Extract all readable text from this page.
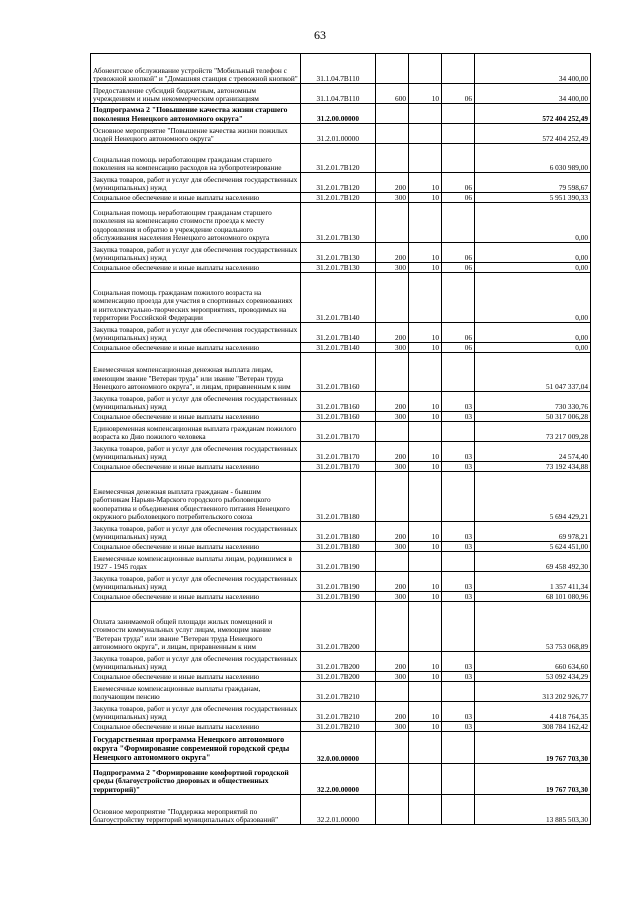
63
Абонентское обслуживание устройств "Мобильный телефон с тревожной кнопкой" и "Домашняя станция с тревожной кнопкой"	31.1.04.7B110				34 400,00
Предоставление субсидий бюджетным, автономным учреждениям и иным некоммерческим организациям	31.1.04.7B110	600	10	06	34 400,00
Подпрограмма 2 "Повышение качества жизни старшего поколения Ненецкого автономного округа"	31.2.00.00000				572 404 252,49
Основное мероприятие "Повышение качества жизни пожилых людей Ненецкого автономного округа"	31.2.01.00000				572 404 252,49
Социальная помощь неработающим гражданам старшего поколения на компенсацию расходов на зубопротезирование	31.2.01.7B120				6 030 989,00
Закупка товаров, работ и услуг для обеспечения государственных (муниципальных) нужд	31.2.01.7B120	200	10	06	79 598,67
Социальное обеспечение и иные выплаты населению	31.2.01.7B120	300	10	06	5 951 390,33
Социальная помощь неработающим гражданам старшего поколения на компенсацию стоимости проезда к месту оздоровления и обратно в учреждение социального обслуживания населения Ненецкого автономного округа	31.2.01.7B130				0,00
Закупка товаров, работ и услуг для обеспечения государственных (муниципальных) нужд	31.2.01.7B130	200	10	06	0,00
Социальное обеспечение и иные выплаты населению	31.2.01.7B130	300	10	06	0,00
Социальная помощь гражданам пожилого возраста на компенсацию проезда для участия в спортивных соревнованиях и интеллектуально-творческих мероприятиях, проводимых на территории Российской Федерации	31.2.01.7B140				0,00
Закупка товаров, работ и услуг для обеспечения государственных (муниципальных) нужд	31.2.01.7B140	200	10	06	0,00
Социальное обеспечение и иные выплаты населению	31.2.01.7B140	300	10	06	0,00
Ежемесячная компенсационная денежная выплата лицам, имеющим звание "Ветеран труда" или звание "Ветеран труда Ненецкого автономного округа", и лицам, приравненным к ним	31.2.01.7B160				51 047 337,04
Закупка товаров, работ и услуг для обеспечения государственных (муниципальных) нужд	31.2.01.7B160	200	10	03	730 330,76
Социальное обеспечение и иные выплаты населению	31.2.01.7B160	300	10	03	50 317 006,28
Единовременная компенсационная выплата гражданам пожилого возраста ко Дню пожилого человека	31.2.01.7B170				73 217 009,28
Закупка товаров, работ и услуг для обеспечения государственных (муниципальных) нужд	31.2.01.7B170	200	10	03	24 574,40
Социальное обеспечение и иные выплаты населению	31.2.01.7B170	300	10	03	73 192 434,88
Ежемесячная денежная выплата гражданам - бывшим работникам Нарьян-Марского городского рыболовецкого кооператива и объединения общественного питания Ненецкого окружного рыболовецкого потребительского союза	31.2.01.7B180				5 694 429,21
Закупка товаров, работ и услуг для обеспечения государственных (муниципальных) нужд	31.2.01.7B180	200	10	03	69 978,21
Социальное обеспечение и иные выплаты населению	31.2.01.7B180	300	10	03	5 624 451,00
Ежемесячные компенсационные выплаты лицам, родившимся в 1927 - 1945 годах	31.2.01.7B190				69 458 492,30
Закупка товаров, работ и услуг для обеспечения государственных (муниципальных) нужд	31.2.01.7B190	200	10	03	1 357 411,34
Социальное обеспечение и иные выплаты населению	31.2.01.7B190	300	10	03	68 101 080,96
Оплата занимаемой общей площади жилых помещений и стоимости коммунальных услуг лицам, имеющим звание "Ветеран труда" или звание "Ветеран труда Ненецкого автономного округа", и лицам, приравненным к ним	31.2.01.7B200				53 753 068,89
Закупка товаров, работ и услуг для обеспечения государственных (муниципальных) нужд	31.2.01.7B200	200	10	03	660 634,60
Социальное обеспечение и иные выплаты населению	31.2.01.7B200	300	10	03	53 092 434,29
Ежемесячные компенсационные выплаты гражданам, получающим пенсию	31.2.01.7B210				313 202 926,77
Закупка товаров, работ и услуг для обеспечения государственных (муниципальных) нужд	31.2.01.7B210	200	10	03	4 418 764,35
Социальное обеспечение и иные выплаты населению	31.2.01.7B210	300	10	03	308 784 162,42
Государственная программа Ненецкого автономного округа "Формирование современной городской среды Ненецкого автономного округа"	32.0.00.00000				19 767 703,30
Подпрограмма 2 "Формирование комфортной городской среды (благоустройство дворовых и общественных территорий)"	32.2.00.00000				19 767 703,30
Основное мероприятие "Поддержка мероприятий по благоустройству территорий муниципальных образований"	32.2.01.00000				13 885 503,30
